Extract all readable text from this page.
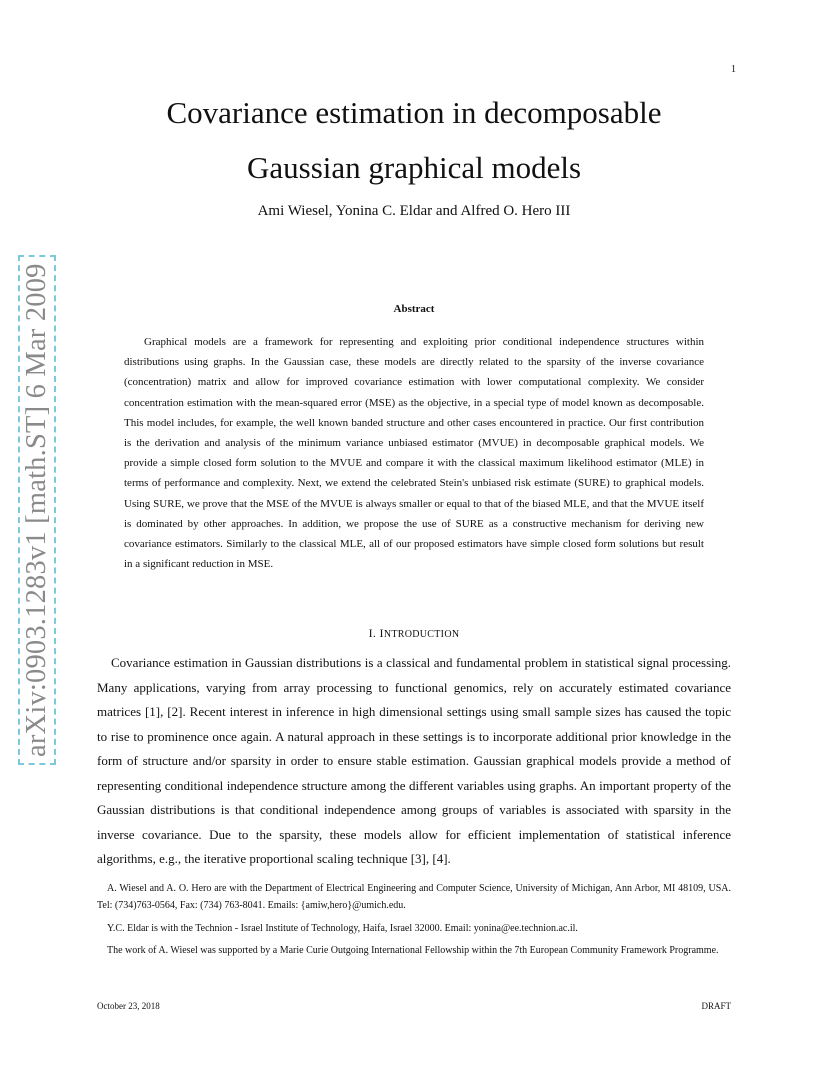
1
arXiv:0903.1283v1 [math.ST] 6 Mar 2009
Covariance estimation in decomposable
Gaussian graphical models
Ami Wiesel, Yonina C. Eldar and Alfred O. Hero III
Abstract

Graphical models are a framework for representing and exploiting prior conditional independence structures within distributions using graphs. In the Gaussian case, these models are directly related to the sparsity of the inverse covariance (concentration) matrix and allow for improved covariance estimation with lower computational complexity. We consider concentration estimation with the mean-squared error (MSE) as the objective, in a special type of model known as decomposable. This model includes, for example, the well known banded structure and other cases encountered in practice. Our first contribution is the derivation and analysis of the minimum variance unbiased estimator (MVUE) in decomposable graphical models. We provide a simple closed form solution to the MVUE and compare it with the classical maximum likelihood estimator (MLE) in terms of performance and complexity. Next, we extend the celebrated Stein's unbiased risk estimate (SURE) to graphical models. Using SURE, we prove that the MSE of the MVUE is always smaller or equal to that of the biased MLE, and that the MVUE itself is dominated by other approaches. In addition, we propose the use of SURE as a constructive mechanism for deriving new covariance estimators. Similarly to the classical MLE, all of our proposed estimators have simple closed form solutions but result in a significant reduction in MSE.

I. INTRODUCTION

Covariance estimation in Gaussian distributions is a classical and fundamental problem in statistical signal processing. Many applications, varying from array processing to functional genomics, rely on accurately estimated covariance matrices [1], [2]. Recent interest in inference in high dimensional settings using small sample sizes has caused the topic to rise to prominence once again. A natural approach in these settings is to incorporate additional prior knowledge in the form of structure and/or sparsity in order to ensure stable estimation. Gaussian graphical models provide a method of representing conditional independence structure among the different variables using graphs. An important property of the Gaussian distributions is that conditional independence among groups of variables is associated with sparsity in the inverse covariance. Due to the sparsity, these models allow for efficient implementation of statistical inference algorithms, e.g., the iterative proportional scaling technique [3], [4].

A. Wiesel and A. O. Hero are with the Department of Electrical Engineering and Computer Science, University of Michigan, Ann Arbor, MI 48109, USA. Tel: (734)763-0564, Fax: (734) 763-8041. Emails: {amiw,hero}@umich.edu.

Y.C. Eldar is with the Technion - Israel Institute of Technology, Haifa, Israel 32000. Email: yonina@ee.technion.ac.il.

The work of A. Wiesel was supported by a Marie Curie Outgoing International Fellowship within the 7th European Community Framework Programme.

October 23, 2018	DRAFT
